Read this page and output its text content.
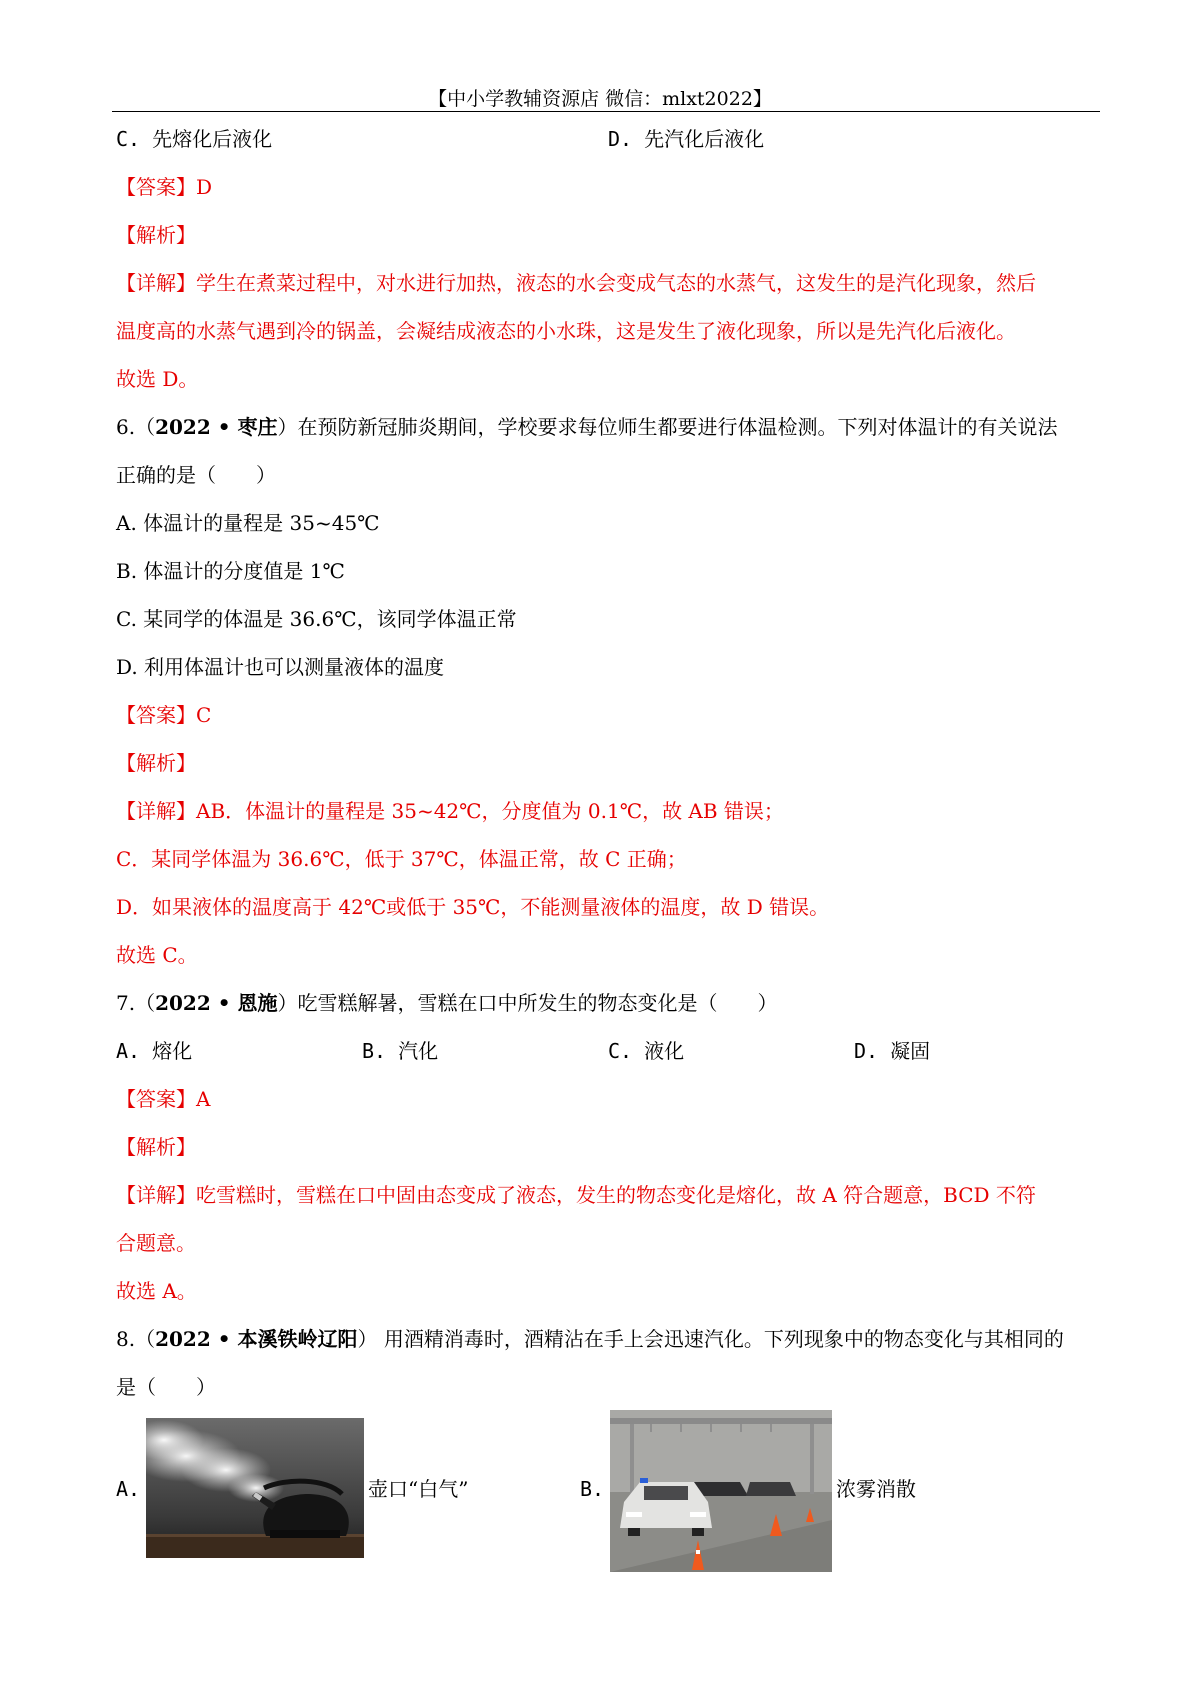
【中小学教辅资源店 微信：mlxt2022】
C. 先熔化后液化	D. 先汽化后液化
【答案】D
【解析】
【详解】学生在煮菜过程中，对水进行加热，液态的水会变成气态的水蒸气，这发生的是汽化现象，然后
温度高的水蒸气遇到冷的锅盖，会凝结成液态的小水珠，这是发生了液化现象，所以是先汽化后液化。
故选 D。
6.（2022 • 枣庄）在预防新冠肺炎期间，学校要求每位师生都要进行体温检测。下列对体温计的有关说法
正确的是（　　）
A. 体温计的量程是 35~45℃
B. 体温计的分度值是 1℃
C. 某同学的体温是 36.6℃，该同学体温正常
D. 利用体温计也可以测量液体的温度
【答案】C
【解析】
【详解】AB．体温计的量程是 35~42℃，分度值为 0.1℃，故 AB 错误；
C．某同学体温为 36.6℃，低于 37℃，体温正常，故 C 正确；
D．如果液体的温度高于 42℃或低于 35℃，不能测量液体的温度，故 D 错误。
故选 C。
7.（2022 • 恩施）吃雪糕解暑，雪糕在口中所发生的物态变化是（　　）
A. 熔化	B. 汽化	C. 液化	D. 凝固
【答案】A
【解析】
【详解】吃雪糕时，雪糕在口中固由态变成了液态，发生的物态变化是熔化，故 A 符合题意，BCD 不符
合题意。
故选 A。
8.（2022 • 本溪铁岭辽阳） 用酒精消毒时，酒精沾在手上会迅速汽化。下列现象中的物态变化与其相同的
是（　　）
A.	壶口“白气”	B.	浓雾消散
